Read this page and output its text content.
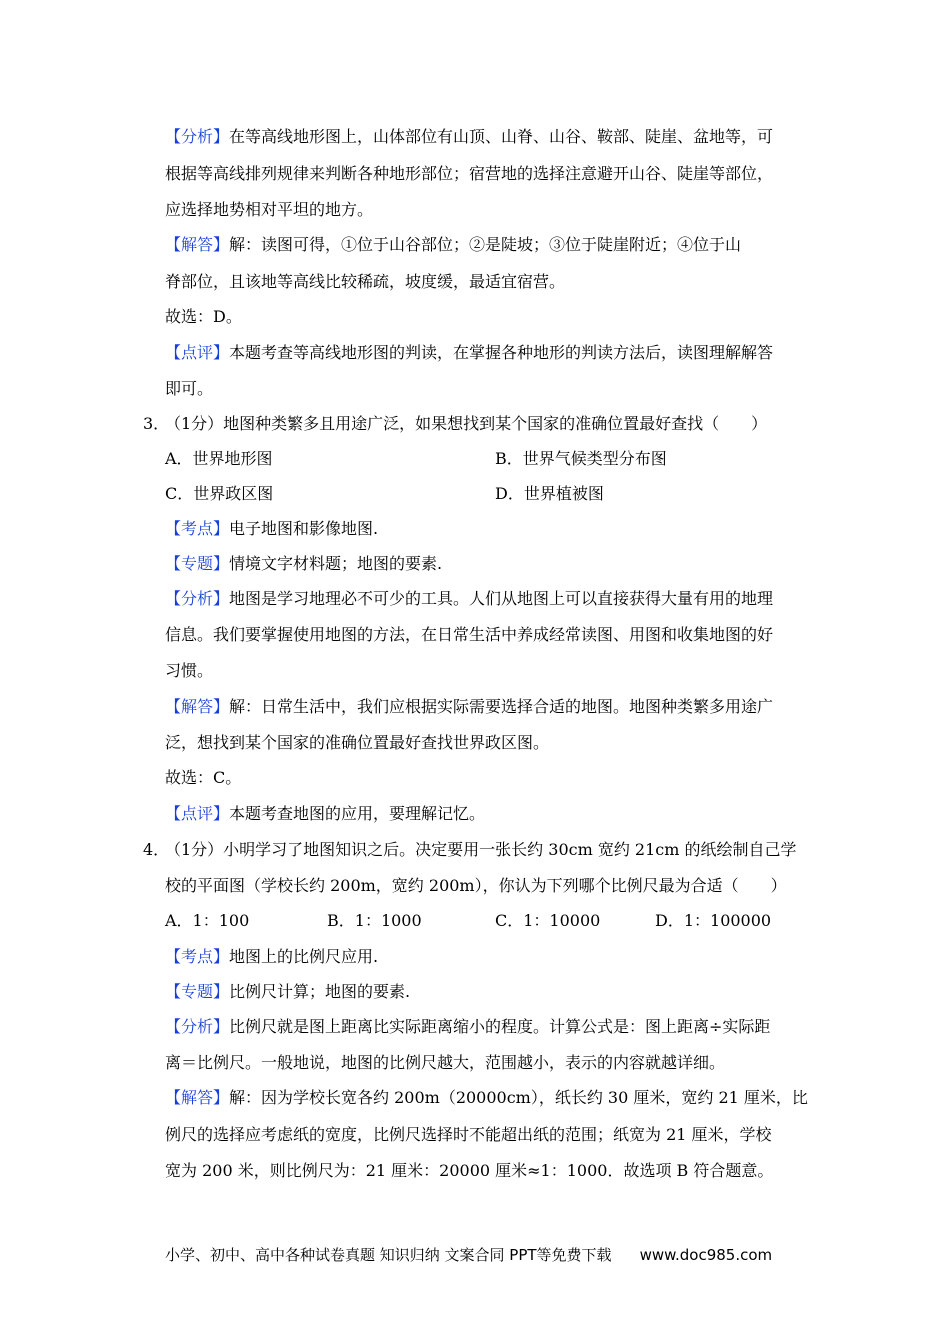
【分析】在等高线地形图上，山体部位有山顶、山脊、山谷、鞍部、陡崖、盆地等，可
根据等高线排列规律来判断各种地形部位；宿营地的选择注意避开山谷、陡崖等部位，
应选择地势相对平坦的地方。
【解答】解：读图可得，①位于山谷部位；②是陡坡；③位于陡崖附近；④位于山
脊部位，且该地等高线比较稀疏，坡度缓，最适宜宿营。
故选：D。
【点评】本题考查等高线地形图的判读，在掌握各种地形的判读方法后，读图理解解答
即可。
3．
（1分）地图种类繁多且用途广泛，如果想找到某个国家的准确位置最好查找（　　）
A．世界地形图	B．世界气候类型分布图
C．世界政区图	D．世界植被图
【考点】电子地图和影像地图.
【专题】情境文字材料题；地图的要素.
【分析】地图是学习地理必不可少的工具。人们从地图上可以直接获得大量有用的地理
信息。我们要掌握使用地图的方法，在日常生活中养成经常读图、用图和收集地图的好
习惯。
【解答】解：日常生活中，我们应根据实际需要选择合适的地图。地图种类繁多用途广
泛，想找到某个国家的准确位置最好查找世界政区图。
故选：C。
【点评】本题考查地图的应用，要理解记忆。
4．
（1分）小明学习了地图知识之后。决定要用一张长约 30cm 宽约 21cm 的纸绘制自己学
校的平面图（学校长约 200m，宽约 200m），你认为下列哪个比例尺最为合适（　　）
A．1：100	B．1：1000	C．1：10000	D．1：100000
【考点】地图上的比例尺应用.
【专题】比例尺计算；地图的要素.
【分析】比例尺就是图上距离比实际距离缩小的程度。计算公式是：图上距离÷实际距
离＝比例尺。一般地说，地图的比例尺越大，范围越小，表示的内容就越详细。
【解答】解：因为学校长宽各约 200m（20000cm），纸长约 30 厘米，宽约 21 厘米，比
例尺的选择应考虑纸的宽度，比例尺选择时不能超出纸的范围；纸宽为 21 厘米，学校
宽为 200 米，则比例尺为：21 厘米：20000 厘米≈1：1000．故选项 B 符合题意。
小学、初中、高中各种试卷真题 知识归纳 文案合同 PPT等免费下载 www.doc985.com
